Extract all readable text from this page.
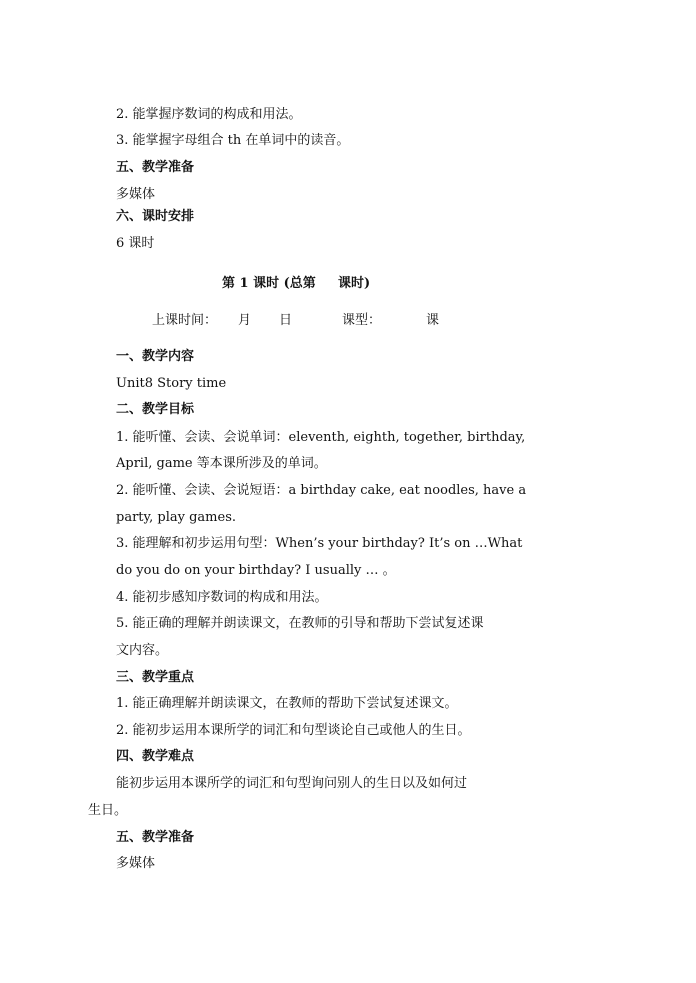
2. 能掌握序数词的构成和用法。
3. 能掌握字母组合 th 在单词中的读音。
五、教学准备
多媒体
六、课时安排
6 课时
第 1 课时 (总第 课时)
上课时间： 月 日	课型：	课
一、教学内容
Unit8 Story time
二、教学目标
1. 能听懂、会读、会说单词：eleventh, eighth, together, birthday,
April, game 等本课所涉及的单词。
2. 能听懂、会读、会说短语：a birthday cake, eat noodles, have a
party, play games.
3. 能理解和初步运用句型：When’s your birthday? It’s on …What
do you do on your birthday? I usually … 。
4. 能初步感知序数词的构成和用法。
5. 能正确的理解并朗读课文，在教师的引导和帮助下尝试复述课
文内容。
三、教学重点
1. 能正确理解并朗读课文，在教师的帮助下尝试复述课文。
2. 能初步运用本课所学的词汇和句型谈论自己或他人的生日。
四、教学难点
能初步运用本课所学的词汇和句型询问别人的生日以及如何过
生日。
五、教学准备
多媒体
